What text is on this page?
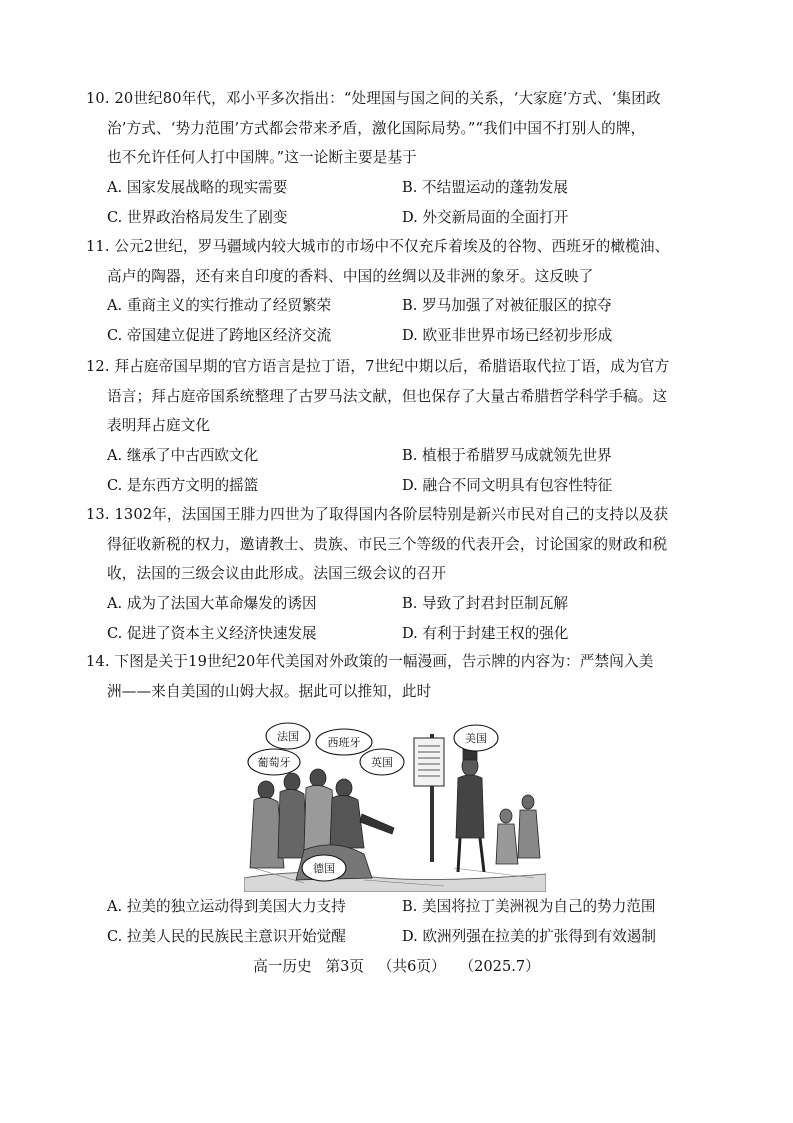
10. 20世纪80年代，邓小平多次指出：“处理国与国之间的关系，‘大家庭’方式、‘集团政
治’方式、‘势力范围’方式都会带来矛盾，激化国际局势。”“我们中国不打别人的牌，
也不允许任何人打中国牌。”这一论断主要是基于
A. 国家发展战略的现实需要	B. 不结盟运动的蓬勃发展
C. 世界政治格局发生了剧变	D. 外交新局面的全面打开
11. 公元2世纪，罗马疆域内较大城市的市场中不仅充斥着埃及的谷物、西班牙的橄榄油、
高卢的陶器，还有来自印度的香料、中国的丝绸以及非洲的象牙。这反映了
A. 重商主义的实行推动了经贸繁荣	B. 罗马加强了对被征服区的掠夺
C. 帝国建立促进了跨地区经济交流	D. 欧亚非世界市场已经初步形成
12. 拜占庭帝国早期的官方语言是拉丁语，7世纪中期以后，希腊语取代拉丁语，成为官方
语言；拜占庭帝国系统整理了古罗马法文献，但也保存了大量古希腊哲学科学手稿。这
表明拜占庭文化
A. 继承了中古西欧文化	B. 植根于希腊罗马成就领先世界
C. 是东西方文明的摇篮	D. 融合不同文明具有包容性特征
13. 1302年，法国国王腓力四世为了取得国内各阶层特别是新兴市民对自己的支持以及获
得征收新税的权力，邀请教士、贵族、市民三个等级的代表开会，讨论国家的财政和税
收，法国的三级会议由此形成。法国三级会议的召开
A. 成为了法国大革命爆发的诱因	B. 导致了封君封臣制瓦解
C. 促进了资本主义经济快速发展	D. 有利于封建王权的强化
14. 下图是关于19世纪20年代美国对外政策的一幅漫画，告示牌的内容为：严禁闯入美
洲——来自美国的山姆大叔。据此可以推知，此时
法国	西班牙
葡萄牙	英国
美国
德国
A. 拉美的独立运动得到美国大力支持	B. 美国将拉丁美洲视为自己的势力范围
C. 拉美人民的民族民主意识开始觉醒	D. 欧洲列强在拉美的扩张得到有效遏制
高一历史 第3页 （共6页） （2025.7）
